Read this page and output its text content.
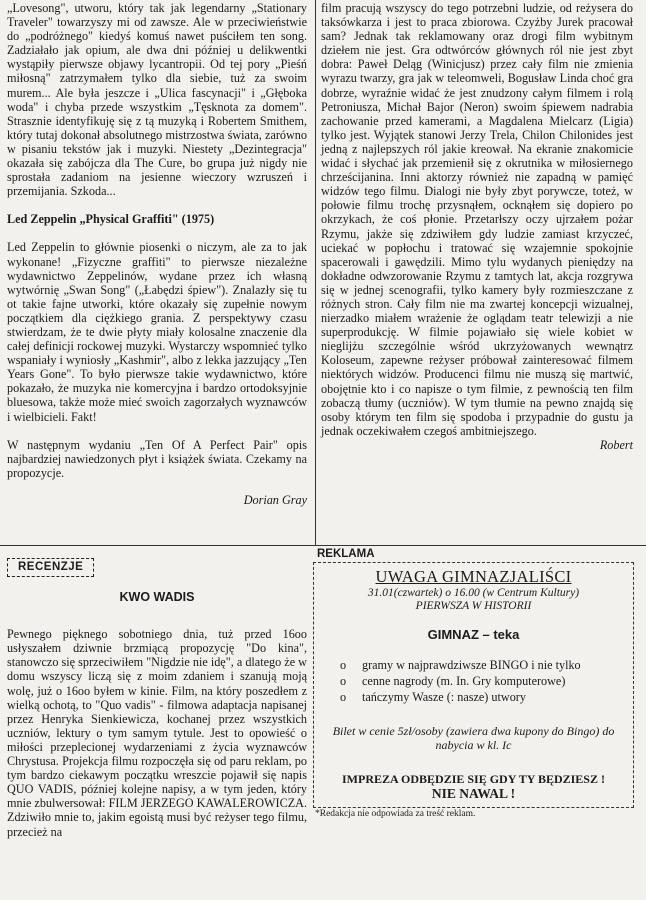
„Lovesong", utworu, który tak jak legendarny „Stationary Traveler" towarzyszy mi od zawsze. Ale w przeciwieństwie do „podróżnego" kiedyś komuś nawet puściłem ten song. Zadziałało jak opium, ale dwa dni później u delikwentki wystąpiły pierwsze objawy lycantropii. Od tej pory „Pieśń miłosną" zatrzymałem tylko dla siebie, tuż za swoim murem... Ale była jeszcze i „Ulica fascynacji" i „Głęboka woda" i chyba przede wszystkim „Tęsknota za domem". Strasznie identyfikuję się z tą muzyką i Robertem Smithem, który tutaj dokonał absolutnego mistrzostwa świata, zarówno w pisaniu tekstów jak i muzyki. Niestety „Dezintegracja" okazała się zabójcza dla The Cure, bo grupa już nigdy nie sprostała zadaniom na jesienne wieczory wzruszeń i przemijania. Szkoda...

Led Zeppelin „Physical Graffiti" (1975)

Led Zeppelin to głównie piosenki o niczym, ale za to jak wykonane! „Fizyczne graffiti" to pierwsze niezależne wydawnictwo Zeppelinów, wydane przez ich własną wytwórnię „Swan Song" („Łabędzi śpiew"). Znalazły się tu ot takie fajne utworki, które okazały się zupełnie nowym początkiem dla ciężkiego grania. Z perspektywy czasu stwierdzam, że te dwie płyty miały kolosalne znaczenie dla całej definicji rockowej muzyki. Wystarczy wspomnieć tylko wspaniały i wyniosły „Kashmir", albo z lekka jazzujący „Ten Years Gone". To było pierwsze takie wydawnictwo, które pokazało, że muzyka nie komercyjna i bardzo ortodoksyjnie bluesowa, także może mieć swoich zagorzałych wyznawców i wielbicieli. Fakt!

W następnym wydaniu „Ten Of A Perfect Pair" opis najbardziej nawiedzonych płyt i książek świata. Czekamy na propozycje.

Dorian Gray

film pracują wszyscy do tego potrzebni ludzie, od reżysera do taksówkarza i jest to praca zbiorowa. Czyżby Jurek pracował sam? Jednak tak reklamowany oraz drogi film wybitnym dziełem nie jest. Gra odtwórców głównych ról nie jest zbyt dobra: Paweł Deląg (Winicjusz) przez cały film nie zmienia wyrazu twarzy, gra jak w teleomweli, Bogusław Linda choć gra dobrze, wyraźnie widać że jest znudzony całym filmem i rolą Petroniusza, Michał Bajor (Neron) swoim śpiewem nadrabia zachowanie przed kamerami, a Magdalena Mielcarz (Ligia) tylko jest. Wyjątek stanowi Jerzy Trela, Chilon Chilonides jest jedną z najlepszych ról jakie kreował. Na ekranie znakomicie widać i słychać jak przemienił się z okrutnika w miłosiernego chrześcijanina. Inni aktorzy również nie zapadną w pamięć widzów tego filmu. Dialogi nie były zbyt porywcze, toteż, w połowie filmu trochę przysnąłem, ocknąłem się dopiero po okrzykach, że coś płonie. Przetarłszy oczy ujrzałem pożar Rzymu, jakże się zdziwiłem gdy ludzie zamiast krzyczeć, uciekać w popłochu i tratować się wzajemnie spokojnie spacerowali i gawędzili. Mimo tylu wydanych pieniędzy na dokładne odwzorowanie Rzymu z tamtych lat, akcja rozgrywa się w jednej scenografii, tylko kamery były rozmieszczane z różnych stron. Cały film nie ma zwartej koncepcji wizualnej, nierzadko miałem wrażenie że oglądam teatr telewizji a nie superprodukcję. W filmie pojawiało się wiele kobiet w nieglijżu szczególnie wśród ukrzyżowanych wewnątrz Koloseum, zapewne reżyser próbował zainteresować filmem niektórych widzów. Producenci filmu nie muszą się martwić, obojętnie kto i co napisze o tym filmie, z pewnością ten film zobaczą tłumy (uczniów). W tym tłumie na pewno znajdą się osoby którym ten film się spodoba i przypadnie do gustu ja jednak oczekiwałem czegoś ambitniejszego.

Robert

RECENZJE
KWO WADIS

Pewnego pięknego sobotniego dnia, tuż przed 16oo usłyszałem dziwnie brzmiącą propozycję "Do kina", stanowczo się sprzeciwiłem "Nigdzie nie idę", a dlatego że w domu wszyscy liczą się z moim zdaniem i szanują moją wolę, już o 16oo byłem w kinie. Film, na który poszedłem z wielką ochotą, to "Quo vadis" - filmowa adaptacja napisanej przez Henryka Sienkiewicza, kochanej przez wszystkich uczniów, lektury o tym samym tytule. Jest to opowieść o miłości przeplecionej wydarzeniami z życia wyznawców Chrystusa. Projekcja filmu rozpoczęła się od paru reklam, po tym bardzo ciekawym początku wreszcie pojawił się napis QUO VADIS, później kolejne napisy, a w tym jeden, który mnie zbulwersował: FILM JERZEGO KAWALEROWICZA. Zdziwiło mnie to, jakim egoistą musi być reżyser tego filmu, przecież na

REKLAMA
UWAGA GIMNAZJALIŚCI
31.01(czwartek) o 16.00 (w Centrum Kultury)
PIERWSZA W HISTORII
GIMNAZ – teka
o gramy w najprawdziwsze BINGO i nie tylko
o cenne nagrody (m. In. Gry komputerowe)
o tańczymy Wasze (: nasze) utwory
Bilet w cenie 5zł/osoby (zawiera dwa kupony do Bingo) do nabycia w kl. Ic
IMPREZA ODBĘDZIE SIĘ GDY TY BĘDZIESZ !
NIE NAWAL !
*Redakcja nie odpowiada za treść reklam.
